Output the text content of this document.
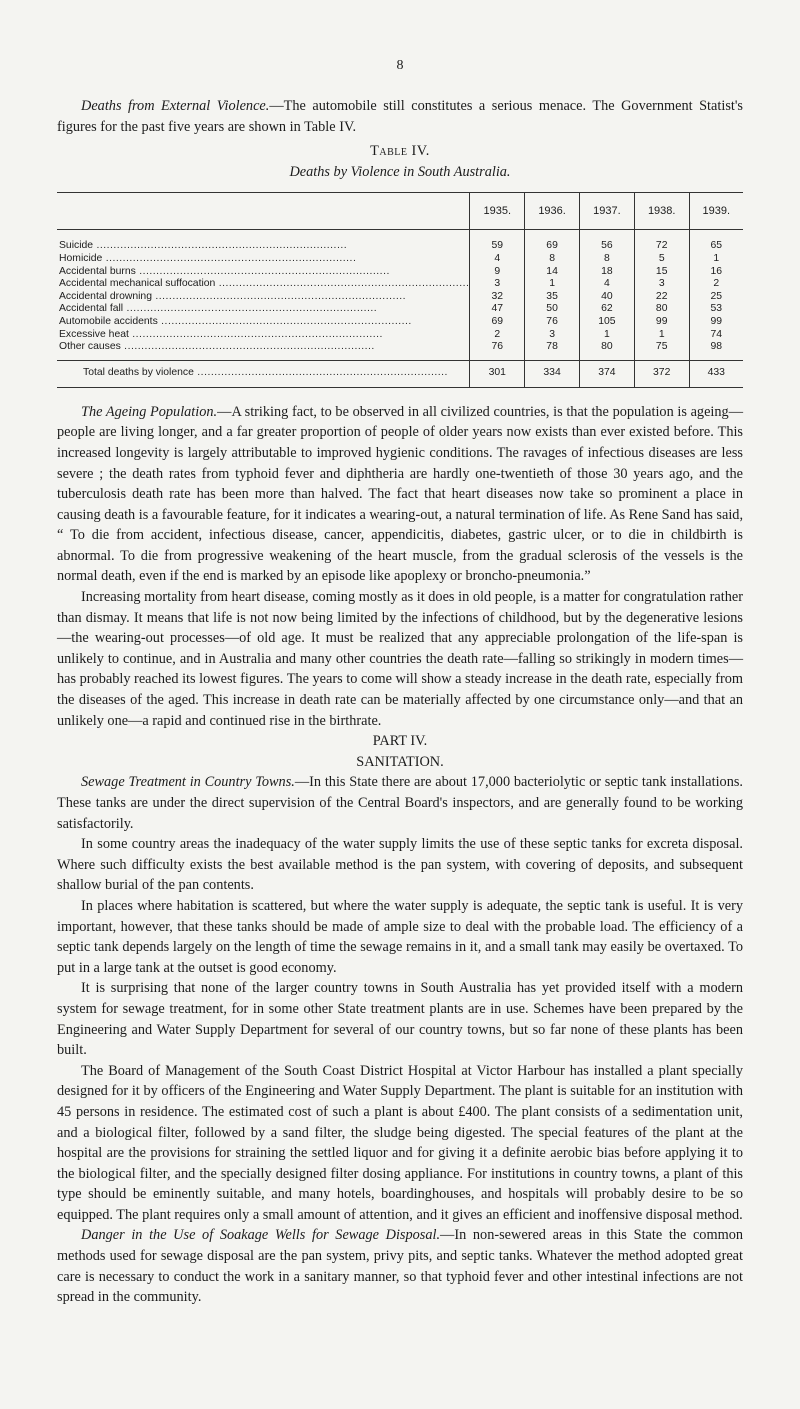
8

Deaths from External Violence.—The automobile still constitutes a serious menace. The Government Statist's figures for the past five years are shown in Table IV.

Table IV.
Deaths by Violence in South Australia.
	1935.	1936.	1937.	1938.	1939.

Suicide .....	59	69	56	72	65

Homicide .....	4	8	8	5	1

Accidental burns .....	9	14	18	15	16

Accidental mechanical suffocation .....	3	1	4	3	2

Accidental drowning .....	32	35	40	22	25

Accidental fall .....	47	50	62	80	53

Automobile accidents .....	69	76	105	99	99

Excessive heat .....	2	3	1	1	74

Other causes .....	76	78	80	75	98

Total deaths by violence .....	301	334	374	372	433

The Ageing Population.—A striking fact, to be observed in all civilized countries, is that the population is ageing—people are living longer, and a far greater proportion of people of older years now exists than ever existed before. This increased longevity is largely attributable to improved hygienic conditions. The ravages of infectious diseases are less severe ; the death rates from typhoid fever and diphtheria are hardly one-twentieth of those 30 years ago, and the tuberculosis death rate has been more than halved. The fact that heart diseases now take so prominent a place in causing death is a favourable feature, for it indicates a wearing-out, a natural termination of life. As Rene Sand has said, “ To die from accident, infectious disease, cancer, appendicitis, diabetes, gastric ulcer, or to die in childbirth is abnormal. To die from progressive weakening of the heart muscle, from the gradual sclerosis of the vessels is the normal death, even if the end is marked by an episode like apoplexy or broncho-pneumonia.”

Increasing mortality from heart disease, coming mostly as it does in old people, is a matter for congratulation rather than dismay. It means that life is not now being limited by the infections of childhood, but by the degenerative lesions—the wearing-out processes—of old age. It must be realized that any appreciable prolongation of the life-span is unlikely to continue, and in Australia and many other countries the death rate—falling so strikingly in modern times—has probably reached its lowest figures. The years to come will show a steady increase in the death rate, especially from the diseases of the aged. This increase in death rate can be materially affected by one circumstance only—and that an unlikely one—a rapid and continued rise in the birthrate.

PART IV.
SANITATION.

Sewage Treatment in Country Towns.—In this State there are about 17,000 bacteriolytic or septic tank installations. These tanks are under the direct supervision of the Central Board's inspectors, and are generally found to be working satisfactorily.

In some country areas the inadequacy of the water supply limits the use of these septic tanks for excreta disposal. Where such difficulty exists the best available method is the pan system, with covering of deposits, and subsequent shallow burial of the pan contents.

In places where habitation is scattered, but where the water supply is adequate, the septic tank is useful. It is very important, however, that these tanks should be made of ample size to deal with the probable load. The efficiency of a septic tank depends largely on the length of time the sewage remains in it, and a small tank may easily be overtaxed. To put in a large tank at the outset is good economy.

It is surprising that none of the larger country towns in South Australia has yet provided itself with a modern system for sewage treatment, for in some other State treatment plants are in use. Schemes have been prepared by the Engineering and Water Supply Department for several of our country towns, but so far none of these plants has been built.

The Board of Management of the South Coast District Hospital at Victor Harbour has installed a plant specially designed for it by officers of the Engineering and Water Supply Department. The plant is suitable for an institution with 45 persons in residence. The estimated cost of such a plant is about £400. The plant consists of a sedimentation unit, and a biological filter, followed by a sand filter, the sludge being digested. The special features of the plant at the hospital are the provisions for straining the settled liquor and for giving it a definite aerobic bias before applying it to the biological filter, and the specially designed filter dosing appliance. For institutions in country towns, a plant of this type should be eminently suitable, and many hotels, boardinghouses, and hospitals will probably desire to be so equipped. The plant requires only a small amount of attention, and it gives an efficient and inoffensive disposal method.

Danger in the Use of Soakage Wells for Sewage Disposal.—In non-sewered areas in this State the common methods used for sewage disposal are the pan system, privy pits, and septic tanks. Whatever the method adopted great care is necessary to conduct the work in a sanitary manner, so that typhoid fever and other intestinal infections are not spread in the community.
